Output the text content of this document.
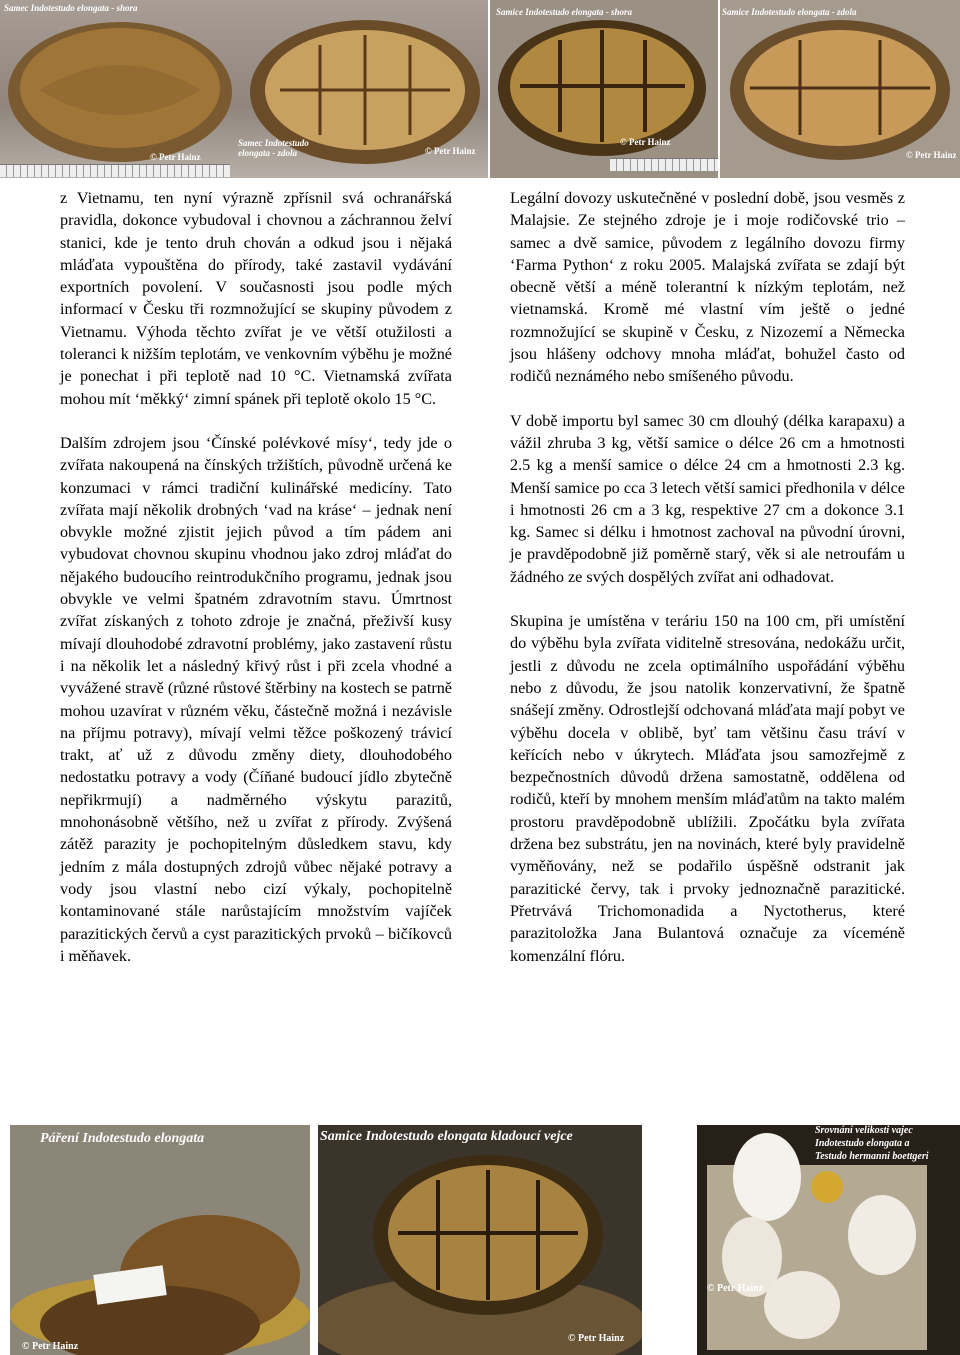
Samec Indotestudo elongata - shora
Samec Indotestudo elongata - zdola
© Petr Hainz
© Petr Hainz
Samice Indotestudo elongata - shora
© Petr Hainz
Samice Indotestudo elongata - zdola
© Petr Hainz

z Vietnamu, ten nyní výrazně zpřísnil svá ochranářská pravidla, dokonce vybudoval i chovnou a záchrannou želví stanici, kde je tento druh chován a odkud jsou i nějaká mláďata vypouštěna do přírody, také zastavil vydávání exportních povolení. V současnosti jsou podle mých informací v Česku tři rozmnožující se skupiny původem z Vietnamu. Výhoda těchto zvířat je ve větší otužilosti a toleranci k nižším teplotám, ve venkovním výběhu je možné je ponechat i při teplotě nad 10 °C. Vietnamská zvířata mohou mít ‘měkký‘ zimní spánek při teplotě okolo 15 °C.

Dalším zdrojem jsou ‘Čínské polévkové mísy‘, tedy jde o zvířata nakoupená na čínských tržištích, původně určená ke konzumaci v rámci tradiční kulinářské medicíny. Tato zvířata mají několik drobných ‘vad na kráse‘ – jednak není obvykle možné zjistit jejich původ a tím pádem ani vybudovat chovnou skupinu vhodnou jako zdroj mláďat do nějakého budoucího reintrodukčního programu, jednak jsou obvykle ve velmi špatném zdravotním stavu. Úmrtnost zvířat získaných z tohoto zdroje je značná, přeživší kusy mívají dlouhodobé zdravotní problémy, jako zastavení růstu i na několik let a následný křivý růst i při zcela vhodné a vyvážené stravě (různé růstové štěrbiny na kostech se patrně mohou uzavírat v různém věku, částečně možná i nezávisle na příjmu potravy), mívají velmi těžce poškozený trávicí trakt, ať už z důvodu změny diety, dlouhodobého nedostatku potravy a vody (Číňané budoucí jídlo zbytečně nepřikrmují) a nadměrného výskytu parazitů, mnohonásobně většího, než u zvířat z přírody. Zvýšená zátěž parazity je pochopitelným důsledkem stavu, kdy jedním z mála dostupných zdrojů vůbec nějaké potravy a vody jsou vlastní nebo cizí výkaly, pochopitelně kontaminované stále narůstajícím množstvím vajíček parazitických červů a cyst parazitických prvoků – bičíkovců i měňavek.

Legální dovozy uskutečněné v poslední době, jsou vesměs z Malajsie. Ze stejného zdroje je i moje rodičovské trio – samec a dvě samice, původem z legálního dovozu firmy ‘Farma Python‘ z roku 2005. Malajská zvířata se zdají být obecně větší a méně tolerantní k nízkým teplotám, než vietnamská. Kromě mé vlastní vím ještě o jedné rozmnožující se skupině v Česku, z Nizozemí a Německa jsou hlášeny odchovy mnoha mláďat, bohužel často od rodičů neznámého nebo smíšeného původu.

V době importu byl samec 30 cm dlouhý (délka karapaxu) a vážil zhruba 3 kg, větší samice o délce 26 cm a hmotnosti 2.5 kg a menší samice o délce 24 cm a hmotnosti 2.3 kg. Menší samice po cca 3 letech větší samici předhonila v délce i hmotnosti 26 cm a 3 kg, respektive 27 cm a dokonce 3.1 kg. Samec si délku i hmotnost zachoval na původní úrovni, je pravděpodobně již poměrně starý, věk si ale netroufám u žádného ze svých dospělých zvířat ani odhadovat.

Skupina je umístěna v teráriu 150 na 100 cm, při umístění do výběhu byla zvířata viditelně stresována, nedokážu určit, jestli z důvodu ne zcela optimálního uspořádání výběhu nebo z důvodu, že jsou natolik konzervativní, že špatně snášejí změny. Odrostlejší odchovaná mláďata mají pobyt ve výběhu docela v oblibě, byť tam většinu času tráví v keřících nebo v úkrytech. Mláďata jsou samozřejmě z bezpečnostních důvodů držena samostatně, oddělena od rodičů, kteří by mnohem menším mláďatům na takto malém prostoru pravděpodobně ublížili. Zpočátku byla zvířata držena bez substrátu, jen na novinách, které byly pravidelně vyměňovány, než se podařilo úspěšně odstranit jak parazitické červy, tak i prvoky jednoznačně parazitické. Přetrvává Trichomonadida a Nyctotherus, které parazitoložka Jana Bulantová označuje za víceméně komenzální flóru.

Páření Indotestudo elongata
© Petr Hainz
Samice Indotestudo elongata kladoucí vejce
© Petr Hainz
Srovnání velikosti vajec
Indotestudo elongata a
Testudo hermanni boettgeri
© Petr Hainz
